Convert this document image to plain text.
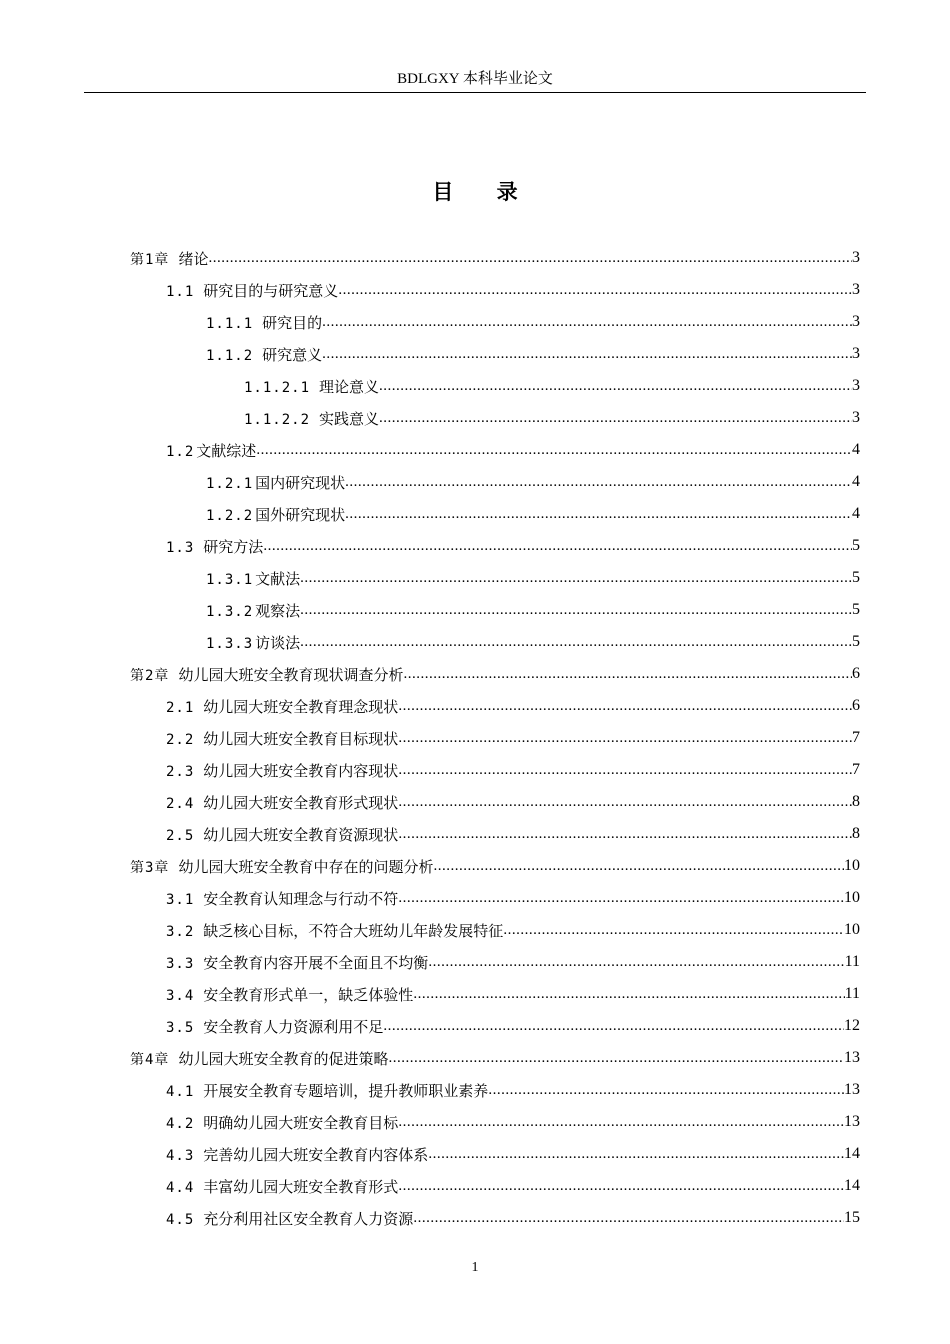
BDLGXY 本科毕业论文
目 录
第1章 绪论 .....	3
1.1 研究目的与研究意义 .....	3
1.1.1 研究目的 .....	3
1.1.2 研究意义 .....	3
1.1.2.1 理论意义 .....	3
1.1.2.2 实践意义 .....	3
1.2 文献综述 .....	4
1.2.1 国内研究现状 .....	4
1.2.2 国外研究现状 .....	4
1.3 研究方法 .....	5
1.3.1 文献法 .....	5
1.3.2 观察法 .....	5
1.3.3 访谈法 .....	5
第2章 幼儿园大班安全教育现状调查分析 .....	6
2.1 幼儿园大班安全教育理念现状 .....	6
2.2 幼儿园大班安全教育目标现状 .....	7
2.3 幼儿园大班安全教育内容现状 .....	7
2.4 幼儿园大班安全教育形式现状 .....	8
2.5 幼儿园大班安全教育资源现状 .....	8
第3章 幼儿园大班安全教育中存在的问题分析 .....	10
3.1 安全教育认知理念与行动不符 .....	10
3.2 缺乏核心目标，不符合大班幼儿年龄发展特征 .....	10
3.3 安全教育内容开展不全面且不均衡 .....	11
3.4 安全教育形式单一，缺乏体验性 .....	11
3.5 安全教育人力资源利用不足 .....	12
第4章 幼儿园大班安全教育的促进策略 .....	13
4.1 开展安全教育专题培训，提升教师职业素养 .....	13
4.2 明确幼儿园大班安全教育目标 .....	13
4.3 完善幼儿园大班安全教育内容体系 .....	14
4.4 丰富幼儿园大班安全教育形式 .....	14
4.5 充分利用社区安全教育人力资源 .....	15
1
